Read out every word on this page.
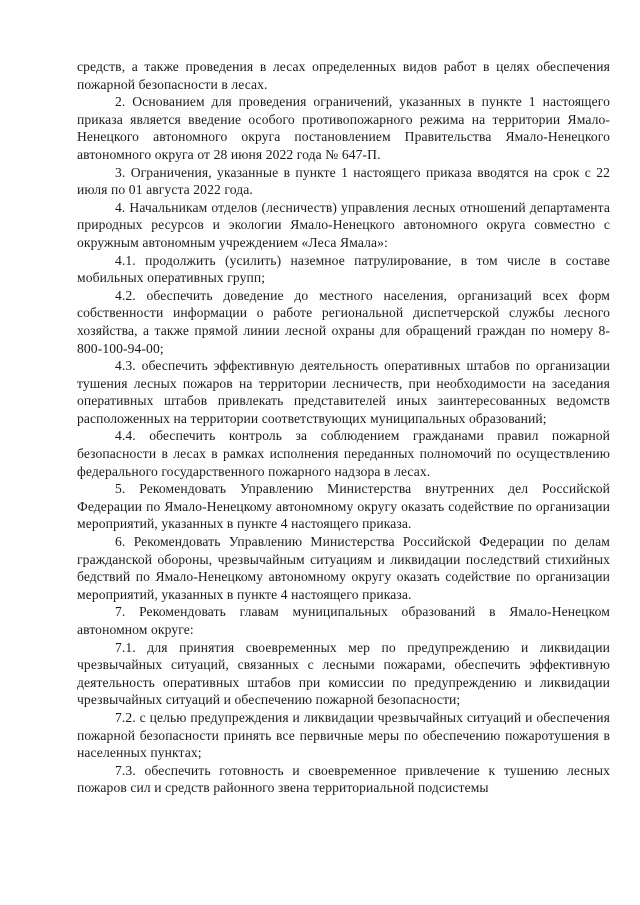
средств, а также проведения в лесах определенных видов работ в целях обеспечения пожарной безопасности в лесах.

2. Основанием для проведения ограничений, указанных в пункте 1 настоящего приказа является введение особого противопожарного режима на территории Ямало-Ненецкого автономного округа постановлением Правительства Ямало-Ненецкого автономного округа от 28 июня 2022 года № 647-П.

3. Ограничения, указанные в пункте 1 настоящего приказа вводятся на срок с 22 июля по 01 августа 2022 года.

4. Начальникам отделов (лесничеств) управления лесных отношений департамента природных ресурсов и экологии Ямало-Ненецкого автономного округа совместно с окружным автономным учреждением «Леса Ямала»:

4.1. продолжить (усилить) наземное патрулирование, в том числе в составе мобильных оперативных групп;

4.2. обеспечить доведение до местного населения, организаций всех форм собственности информации о работе региональной диспетчерской службы лесного хозяйства, а также прямой линии лесной охраны для обращений граждан по номеру 8-800-100-94-00;

4.3. обеспечить эффективную деятельность оперативных штабов по организации тушения лесных пожаров на территории лесничеств, при необходимости на заседания оперативных штабов привлекать представителей иных заинтересованных ведомств расположенных на территории соответствующих муниципальных образований;

4.4. обеспечить контроль за соблюдением гражданами правил пожарной безопасности в лесах в рамках исполнения переданных полномочий по осуществлению федерального государственного пожарного надзора в лесах.

5. Рекомендовать Управлению Министерства внутренних дел Российской Федерации по Ямало-Ненецкому автономному округу оказать содействие по организации мероприятий, указанных в пункте 4 настоящего приказа.

6. Рекомендовать Управлению Министерства Российской Федерации по делам гражданской обороны, чрезвычайным ситуациям и ликвидации последствий стихийных бедствий по Ямало-Ненецкому автономному округу оказать содействие по организации мероприятий, указанных в пункте 4 настоящего приказа.

7. Рекомендовать главам муниципальных образований в Ямало-Ненецком автономном округе:

7.1. для принятия своевременных мер по предупреждению и ликвидации чрезвычайных ситуаций, связанных с лесными пожарами, обеспечить эффективную деятельность оперативных штабов при комиссии по предупреждению и ликвидации чрезвычайных ситуаций и обеспечению пожарной безопасности;

7.2. с целью предупреждения и ликвидации чрезвычайных ситуаций и обеспечения пожарной безопасности принять все первичные меры по обеспечению пожаротушения в населенных пунктах;

7.3. обеспечить готовность и своевременное привлечение к тушению лесных пожаров сил и средств районного звена территориальной подсистемы
